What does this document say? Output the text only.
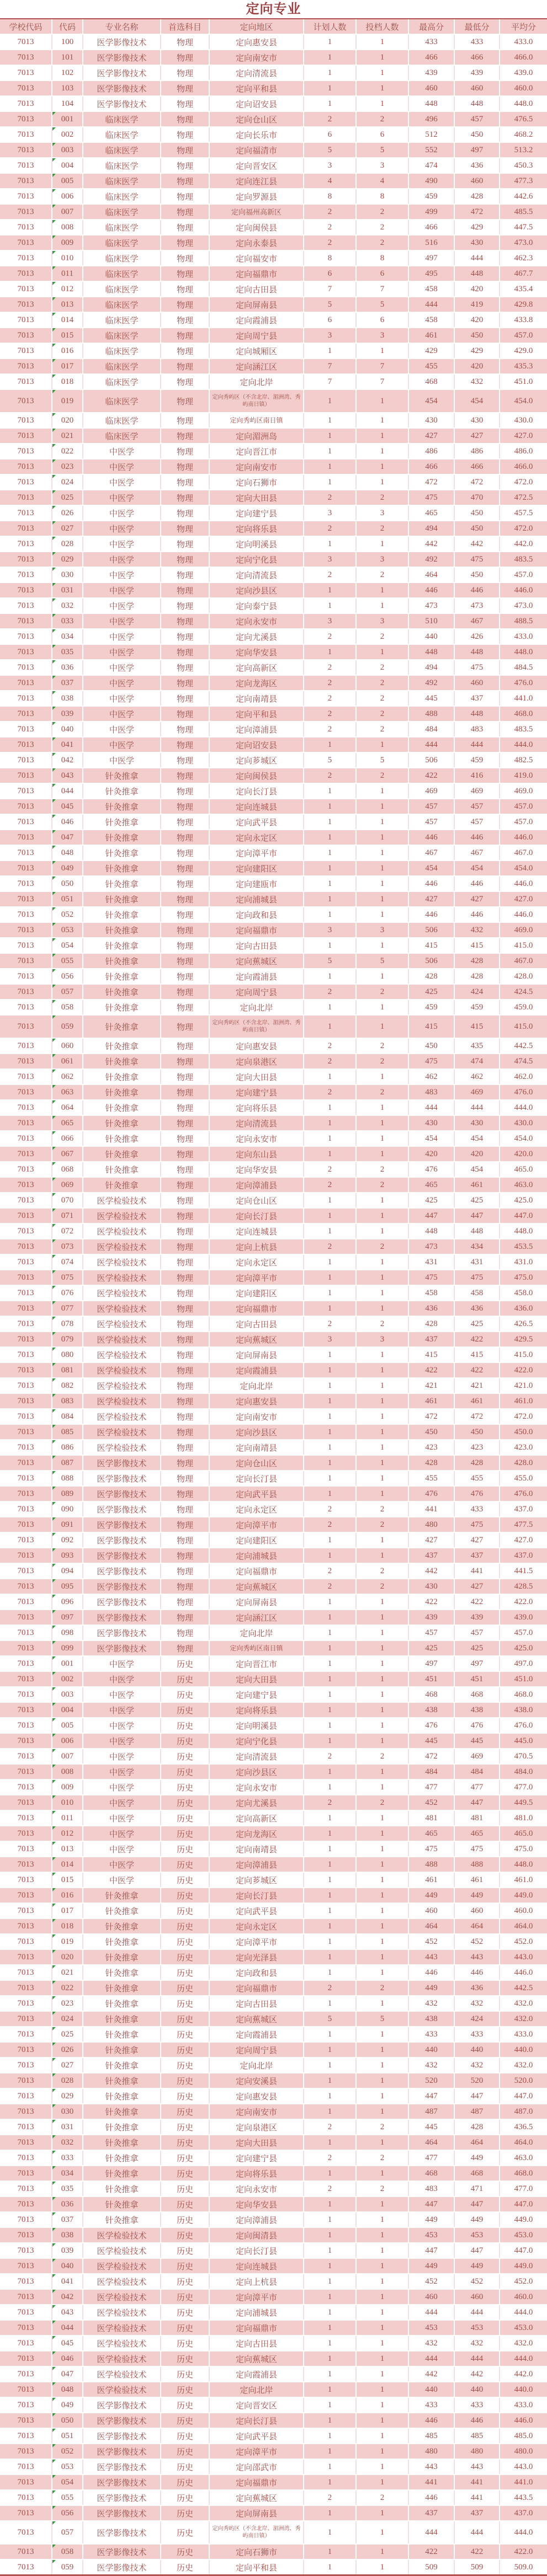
定向专业
学校代码	代码	专业名称	首选科目	定向地区	计划人数	投档人数	最高分	最低分	平均分
7013	100	医学影像技术	物理	定向惠安县	1	1	433	433	433.0
7013	101	医学影像技术	物理	定向南安市	1	1	466	466	466.0
7013	102	医学影像技术	物理	定向清流县	1	1	439	439	439.0
7013	103	医学影像技术	物理	定向平和县	1	1	460	460	460.0
7013	104	医学影像技术	物理	定向诏安县	1	1	448	448	448.0
7013	001	临床医学	物理	定向仓山区	2	2	496	457	476.5
7013	002	临床医学	物理	定向长乐市	6	6	512	450	468.2
7013	003	临床医学	物理	定向福清市	5	5	552	497	513.2
7013	004	临床医学	物理	定向晋安区	3	3	474	436	450.3
7013	005	临床医学	物理	定向连江县	4	4	490	460	477.3
7013	006	临床医学	物理	定向罗源县	8	8	459	428	442.6
7013	007	临床医学	物理	定向福州高新区	2	2	499	472	485.5
7013	008	临床医学	物理	定向闽侯县	2	2	466	429	447.5
7013	009	临床医学	物理	定向永泰县	2	2	516	430	473.0
7013	010	临床医学	物理	定向福安市	8	8	497	444	462.3
7013	011	临床医学	物理	定向福鼎市	6	6	495	448	467.7
7013	012	临床医学	物理	定向古田县	7	7	458	420	435.4
7013	013	临床医学	物理	定向屏南县	5	5	444	419	429.8
7013	014	临床医学	物理	定向霞浦县	6	6	458	420	433.8
7013	015	临床医学	物理	定向周宁县	3	3	461	450	457.0
7013	016	临床医学	物理	定向城厢区	1	1	429	429	429.0
7013	017	临床医学	物理	定向涵江区	7	7	455	420	435.3
7013	018	临床医学	物理	定向北岸	7	7	468	432	451.0
7013	019	临床医学	物理	定向秀屿区（不含北岸、湄洲湾、秀屿南日镇）	1	1	454	454	454.0
7013	020	临床医学	物理	定向秀屿区南日镇	1	1	430	430	430.0
7013	021	临床医学	物理	定向湄洲岛	1	1	427	427	427.0
7013	022	中医学	物理	定向晋江市	1	1	486	486	486.0
7013	023	中医学	物理	定向南安市	1	1	466	466	466.0
7013	024	中医学	物理	定向石狮市	1	1	472	472	472.0
7013	025	中医学	物理	定向大田县	2	2	475	470	472.5
7013	026	中医学	物理	定向建宁县	3	3	465	450	457.5
7013	027	中医学	物理	定向将乐县	2	2	494	450	472.0
7013	028	中医学	物理	定向明溪县	1	1	442	442	442.0
7013	029	中医学	物理	定向宁化县	3	3	492	475	483.5
7013	030	中医学	物理	定向清流县	2	2	464	450	457.0
7013	031	中医学	物理	定向沙县区	1	1	446	446	446.0
7013	032	中医学	物理	定向泰宁县	1	1	473	473	473.0
7013	033	中医学	物理	定向永安市	3	3	510	467	488.5
7013	034	中医学	物理	定向尤溪县	2	2	440	426	433.0
7013	035	中医学	物理	定向华安县	1	1	448	448	448.0
7013	036	中医学	物理	定向高新区	2	2	494	475	484.5
7013	037	中医学	物理	定向龙海区	2	2	492	460	476.0
7013	038	中医学	物理	定向南靖县	2	2	445	437	441.0
7013	039	中医学	物理	定向平和县	2	2	488	448	468.0
7013	040	中医学	物理	定向漳浦县	2	2	484	483	483.5
7013	041	中医学	物理	定向诏安县	1	1	444	444	444.0
7013	042	中医学	物理	定向芗城区	5	5	506	459	482.5
7013	043	针灸推拿	物理	定向闽侯县	2	2	422	416	419.0
7013	044	针灸推拿	物理	定向长汀县	1	1	469	469	469.0
7013	045	针灸推拿	物理	定向连城县	1	1	457	457	457.0
7013	046	针灸推拿	物理	定向武平县	1	1	457	457	457.0
7013	047	针灸推拿	物理	定向永定区	1	1	446	446	446.0
7013	048	针灸推拿	物理	定向漳平市	1	1	467	467	467.0
7013	049	针灸推拿	物理	定向建阳区	1	1	454	454	454.0
7013	050	针灸推拿	物理	定向建瓯市	1	1	446	446	446.0
7013	051	针灸推拿	物理	定向浦城县	1	1	427	427	427.0
7013	052	针灸推拿	物理	定向政和县	1	1	446	446	446.0
7013	053	针灸推拿	物理	定向福鼎市	3	3	506	432	469.0
7013	054	针灸推拿	物理	定向古田县	1	1	415	415	415.0
7013	055	针灸推拿	物理	定向蕉城区	5	5	506	428	467.0
7013	056	针灸推拿	物理	定向霞浦县	1	1	428	428	428.0
7013	057	针灸推拿	物理	定向周宁县	2	2	425	424	424.5
7013	058	针灸推拿	物理	定向北岸	1	1	459	459	459.0
7013	059	针灸推拿	物理	定向秀屿区（不含北岸、湄洲湾、秀屿南日镇）	1	1	415	415	415.0
7013	060	针灸推拿	物理	定向惠安县	2	2	450	435	442.5
7013	061	针灸推拿	物理	定向泉港区	2	2	475	474	474.5
7013	062	针灸推拿	物理	定向大田县	1	1	462	462	462.0
7013	063	针灸推拿	物理	定向建宁县	2	2	483	469	476.0
7013	064	针灸推拿	物理	定向将乐县	1	1	444	444	444.0
7013	065	针灸推拿	物理	定向清流县	1	1	430	430	430.0
7013	066	针灸推拿	物理	定向永安市	1	1	454	454	454.0
7013	067	针灸推拿	物理	定向东山县	1	1	420	420	420.0
7013	068	针灸推拿	物理	定向华安县	2	2	476	454	465.0
7013	069	针灸推拿	物理	定向漳浦县	2	2	465	461	463.0
7013	070	医学检验技术	物理	定向仓山区	1	1	425	425	425.0
7013	071	医学检验技术	物理	定向长汀县	1	1	447	447	447.0
7013	072	医学检验技术	物理	定向连城县	1	1	448	448	448.0
7013	073	医学检验技术	物理	定向上杭县	2	2	473	434	453.5
7013	074	医学检验技术	物理	定向永定区	1	1	431	431	431.0
7013	075	医学检验技术	物理	定向漳平市	1	1	475	475	475.0
7013	076	医学检验技术	物理	定向建阳区	1	1	458	458	458.0
7013	077	医学检验技术	物理	定向福鼎市	1	1	436	436	436.0
7013	078	医学检验技术	物理	定向古田县	2	2	428	425	426.5
7013	079	医学检验技术	物理	定向蕉城区	3	3	437	422	429.5
7013	080	医学检验技术	物理	定向屏南县	1	1	415	415	415.0
7013	081	医学检验技术	物理	定向霞浦县	1	1	422	422	422.0
7013	082	医学检验技术	物理	定向北岸	1	1	421	421	421.0
7013	083	医学检验技术	物理	定向惠安县	1	1	461	461	461.0
7013	084	医学检验技术	物理	定向南安市	1	1	472	472	472.0
7013	085	医学检验技术	物理	定向沙县区	1	1	450	450	450.0
7013	086	医学检验技术	物理	定向南靖县	1	1	423	423	423.0
7013	087	医学影像技术	物理	定向仓山区	1	1	428	428	428.0
7013	088	医学影像技术	物理	定向长汀县	1	1	455	455	455.0
7013	089	医学影像技术	物理	定向武平县	1	1	476	476	476.0
7013	090	医学影像技术	物理	定向永定区	2	2	441	433	437.0
7013	091	医学影像技术	物理	定向漳平市	2	2	480	475	477.5
7013	092	医学影像技术	物理	定向建阳区	1	1	427	427	427.0
7013	093	医学影像技术	物理	定向浦城县	1	1	437	437	437.0
7013	094	医学影像技术	物理	定向福鼎市	2	2	442	441	441.5
7013	095	医学影像技术	物理	定向蕉城区	2	2	430	427	428.5
7013	096	医学影像技术	物理	定向屏南县	1	1	422	422	422.0
7013	097	医学影像技术	物理	定向涵江区	1	1	439	439	439.0
7013	098	医学影像技术	物理	定向北岸	1	1	457	457	457.0
7013	099	医学影像技术	物理	定向秀屿区南日镇	1	1	425	425	425.0
7013	001	中医学	历史	定向晋江市	1	1	497	497	497.0
7013	002	中医学	历史	定向大田县	1	1	451	451	451.0
7013	003	中医学	历史	定向建宁县	1	1	468	468	468.0
7013	004	中医学	历史	定向将乐县	1	1	438	438	438.0
7013	005	中医学	历史	定向明溪县	1	1	476	476	476.0
7013	006	中医学	历史	定向宁化县	1	1	445	445	445.0
7013	007	中医学	历史	定向清流县	2	2	472	469	470.5
7013	008	中医学	历史	定向沙县区	1	1	484	484	484.0
7013	009	中医学	历史	定向永安市	1	1	477	477	477.0
7013	010	中医学	历史	定向尤溪县	2	2	452	447	449.5
7013	011	中医学	历史	定向高新区	1	1	481	481	481.0
7013	012	中医学	历史	定向龙海区	1	1	465	465	465.0
7013	013	中医学	历史	定向南靖县	1	1	475	475	475.0
7013	014	中医学	历史	定向漳浦县	1	1	488	488	448.0
7013	015	中医学	历史	定向芗城区	1	1	461	461	461.0
7013	016	针灸推拿	历史	定向长汀县	1	1	449	449	449.0
7013	017	针灸推拿	历史	定向武平县	1	1	460	460	460.0
7013	018	针灸推拿	历史	定向永定区	1	1	464	464	464.0
7013	019	针灸推拿	历史	定向漳平市	1	1	452	452	452.0
7013	020	针灸推拿	历史	定向光泽县	1	1	443	443	443.0
7013	021	针灸推拿	历史	定向政和县	1	1	446	446	446.0
7013	022	针灸推拿	历史	定向福鼎市	2	2	449	436	442.5
7013	023	针灸推拿	历史	定向古田县	1	1	432	432	432.0
7013	024	针灸推拿	历史	定向蕉城区	5	5	438	424	432.0
7013	025	针灸推拿	历史	定向霞浦县	1	1	433	433	433.0
7013	026	针灸推拿	历史	定向周宁县	1	1	440	440	440.0
7013	027	针灸推拿	历史	定向北岸	1	1	432	432	432.0
7013	028	针灸推拿	历史	定向安溪县	1	1	520	520	520.0
7013	029	针灸推拿	历史	定向惠安县	1	1	447	447	447.0
7013	030	针灸推拿	历史	定向南安市	1	1	487	487	487.0
7013	031	针灸推拿	历史	定向泉港区	2	2	445	428	436.5
7013	032	针灸推拿	历史	定向大田县	1	1	464	464	464.0
7013	033	针灸推拿	历史	定向建宁县	2	2	477	449	463.0
7013	034	针灸推拿	历史	定向将乐县	1	1	468	468	468.0
7013	035	针灸推拿	历史	定向永安市	2	2	483	471	477.0
7013	036	针灸推拿	历史	定向华安县	1	1	447	447	447.0
7013	037	针灸推拿	历史	定向漳浦县	1	1	449	449	449.0
7013	038	医学检验技术	历史	定向闽清县	1	1	453	453	453.0
7013	039	医学检验技术	历史	定向长汀县	1	1	447	447	447.0
7013	040	医学检验技术	历史	定向连城县	1	1	449	449	449.0
7013	041	医学检验技术	历史	定向上杭县	1	1	452	452	452.0
7013	042	医学检验技术	历史	定向漳平市	1	1	460	460	460.0
7013	043	医学检验技术	历史	定向浦城县	1	1	444	444	444.0
7013	044	医学检验技术	历史	定向福鼎市	1	1	453	453	453.0
7013	045	医学检验技术	历史	定向古田县	1	1	432	432	432.0
7013	046	医学检验技术	历史	定向蕉城区	1	1	444	444	444.0
7013	047	医学检验技术	历史	定向霞浦县	1	1	442	442	442.0
7013	048	医学检验技术	历史	定向北岸	1	1	440	440	440.0
7013	049	医学影像技术	历史	定向晋安区	1	1	433	433	433.0
7013	050	医学影像技术	历史	定向长汀县	1	1	446	446	446.0
7013	051	医学影像技术	历史	定向武平县	1	1	485	485	485.0
7013	052	医学影像技术	历史	定向漳平市	1	1	480	480	480.0
7013	053	医学影像技术	历史	定向邵武市	1	1	443	443	443.0
7013	054	医学影像技术	历史	定向福鼎市	1	1	441	441	441.0
7013	055	医学影像技术	历史	定向蕉城区	2	2	446	441	443.5
7013	056	医学影像技术	历史	定向屏南县	1	1	437	437	437.0
7013	057	医学影像技术	历史	定向秀屿区（不含北岸、湄洲湾、秀屿南日镇）	1	1	444	444	444.0
7013	058	医学影像技术	历史	定向石狮市	1	1	422	422	422.0
7013	059	医学影像技术	历史	定向平和县	1	1	509	509	509.0
